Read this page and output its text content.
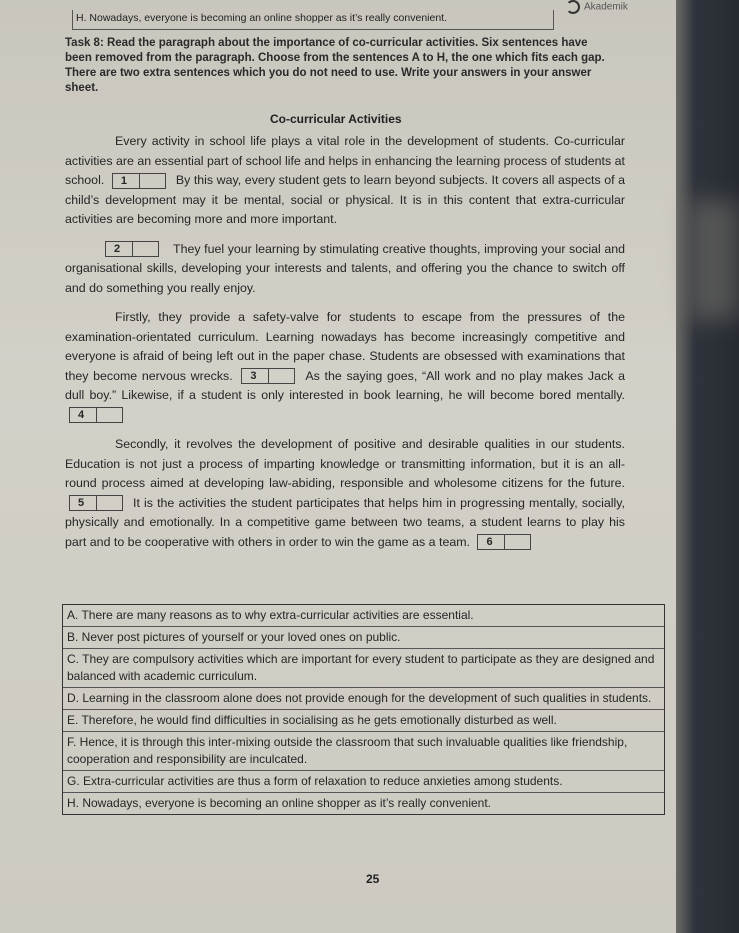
Akademik
H. Nowadays, everyone is becoming an online shopper as it’s really convenient.
Task 8: Read the paragraph about the importance of co-curricular activities. Six sentences have been removed from the paragraph. Choose from the sentences A to H, the one which fits each gap. There are two extra sentences which you do not need to use. Write your answers in your answer sheet.
Co-curricular Activities

Every activity in school life plays a vital role in the development of students. Co-curricular activities are an essential part of school life and helps in enhancing the learning process of students at school. 1	By this way, every student gets to learn beyond subjects. It covers all aspects of a child’s development may it be mental, social or physical. It is in this content that extra-curricular activities are becoming more and more important.

2	They fuel your learning by stimulating creative thoughts, improving your social and organisational skills, developing your interests and talents, and offering you the chance to switch off and do something you really enjoy.

Firstly, they provide a safety-valve for students to escape from the pressures of the examination-orientated curriculum. Learning nowadays has become increasingly competitive and everyone is afraid of being left out in the paper chase. Students are obsessed with examinations that they become nervous wrecks. 3	As the saying goes, “All work and no play makes Jack a dull boy.” Likewise, if a student is only interested in book learning, he will become bored mentally. 4

Secondly, it revolves the development of positive and desirable qualities in our students. Education is not just a process of imparting knowledge or transmitting information, but it is an all-round process aimed at developing law-abiding, responsible and wholesome citizens for the future. 5	It is the activities the student participates that helps him in progressing mentally, socially, physically and emotionally. In a competitive game between two teams, a student learns to play his part and to be cooperative with others in order to win the game as a team. 6

A. There are many reasons as to why extra-curricular activities are essential.
B. Never post pictures of yourself or your loved ones on public.
C. They are compulsory activities which are important for every student to participate as they are designed and balanced with academic curriculum.
D. Learning in the classroom alone does not provide enough for the development of such qualities in students.
E. Therefore, he would find difficulties in socialising as he gets emotionally disturbed as well.
F. Hence, it is through this inter-mixing outside the classroom that such invaluable qualities like friendship, cooperation and responsibility are inculcated.
G. Extra-curricular activities are thus a form of relaxation to reduce anxieties among students.
H. Nowadays, everyone is becoming an online shopper as it’s really convenient.
25
